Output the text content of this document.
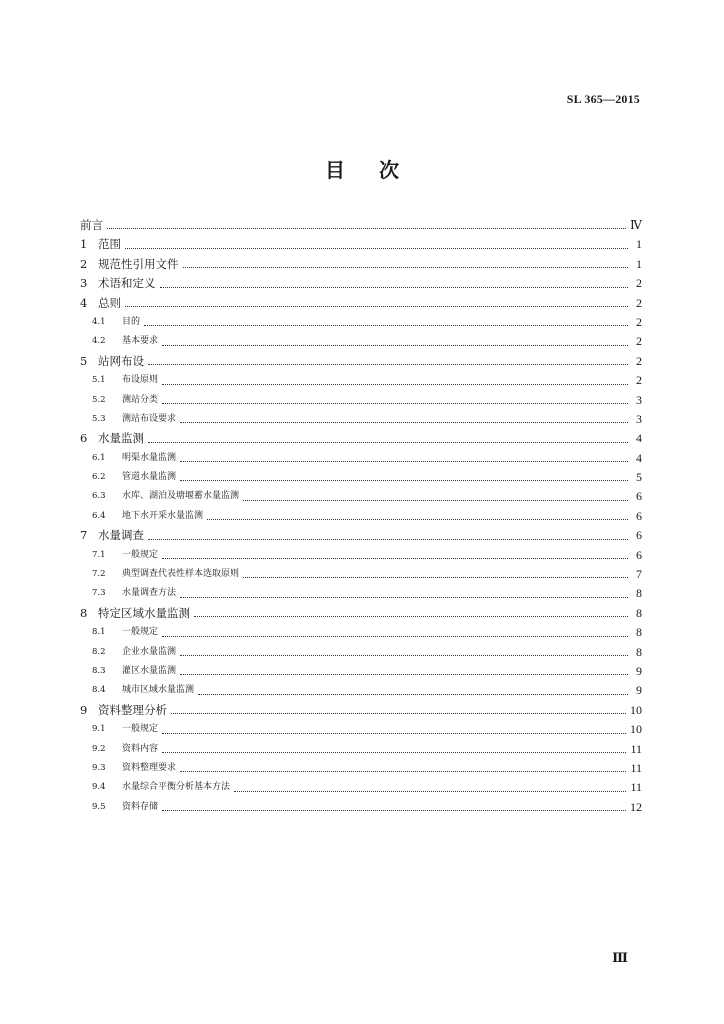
SL 365—2015
目 次
前言	Ⅳ
1 范围	1
2 规范性引用文件	1
3 术语和定义	2
4 总则	2
4.1	目的	2
4.2	基本要求	2
5 站网布设	2
5.1	布设原则	2
5.2	测站分类	3
5.3	测站布设要求	3
6 水量监测	4
6.1	明渠水量监测	4
6.2	管道水量监测	5
6.3	水库、湖泊及塘堰蓄水量监测	6
6.4	地下水开采水量监测	6
7 水量调查	6
7.1	一般规定	6
7.2	典型调查代表性样本选取原则	7
7.3	水量调查方法	8
8 特定区域水量监测	8
8.1	一般规定	8
8.2	企业水量监测	8
8.3	灌区水量监测	9
8.4	城市区域水量监测	9
9 资料整理分析	10
9.1	一般规定	10
9.2	资料内容	11
9.3	资料整理要求	11
9.4	水量综合平衡分析基本方法	11
9.5	资料存储	12
Ⅲ
